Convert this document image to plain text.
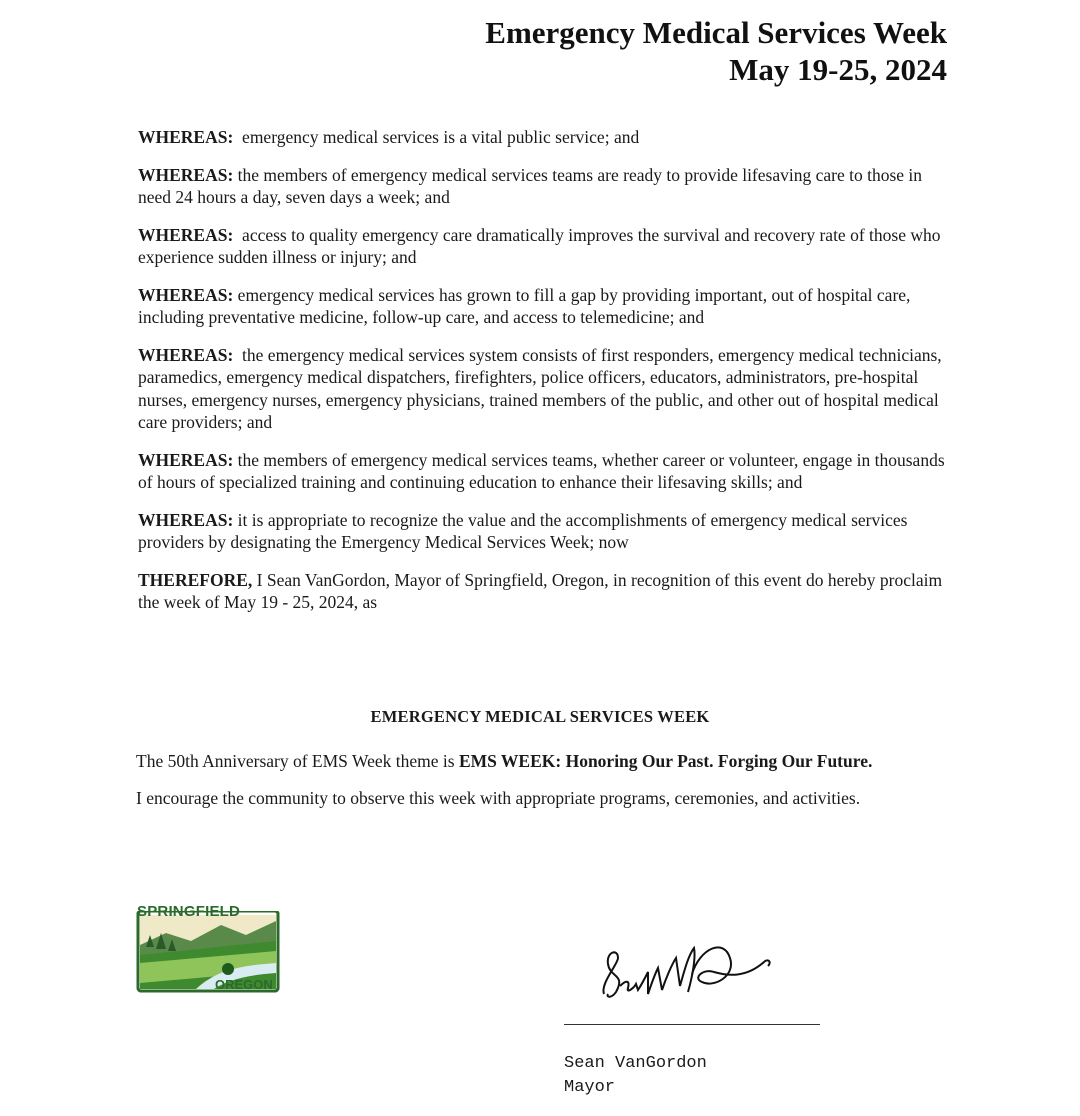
Emergency Medical Services Week
May 19-25, 2024

WHEREAS: emergency medical services is a vital public service; and

WHEREAS: the members of emergency medical services teams are ready to provide lifesaving care to those in need 24 hours a day, seven days a week; and

WHEREAS: access to quality emergency care dramatically improves the survival and recovery rate of those who experience sudden illness or injury; and

WHEREAS: emergency medical services has grown to fill a gap by providing important, out of hospital care, including preventative medicine, follow-up care, and access to telemedicine; and

WHEREAS: the emergency medical services system consists of first responders, emergency medical technicians, paramedics, emergency medical dispatchers, firefighters, police officers, educators, administrators, pre-hospital nurses, emergency nurses, emergency physicians, trained members of the public, and other out of hospital medical care providers; and

WHEREAS: the members of emergency medical services teams, whether career or volunteer, engage in thousands of hours of specialized training and continuing education to enhance their lifesaving skills; and

WHEREAS: it is appropriate to recognize the value and the accomplishments of emergency medical services providers by designating the Emergency Medical Services Week; now

THEREFORE, I Sean VanGordon, Mayor of Springfield, Oregon, in recognition of this event do hereby proclaim the week of May 19 - 25, 2024, as

EMERGENCY MEDICAL SERVICES WEEK
The 50th Anniversary of EMS Week theme is EMS WEEK: Honoring Our Past. Forging Our Future. I encourage the community to observe this week with appropriate programs, ceremonies, and activities.
SPRINGFIELD
OREGON
Sean VanGordon
Mayor
